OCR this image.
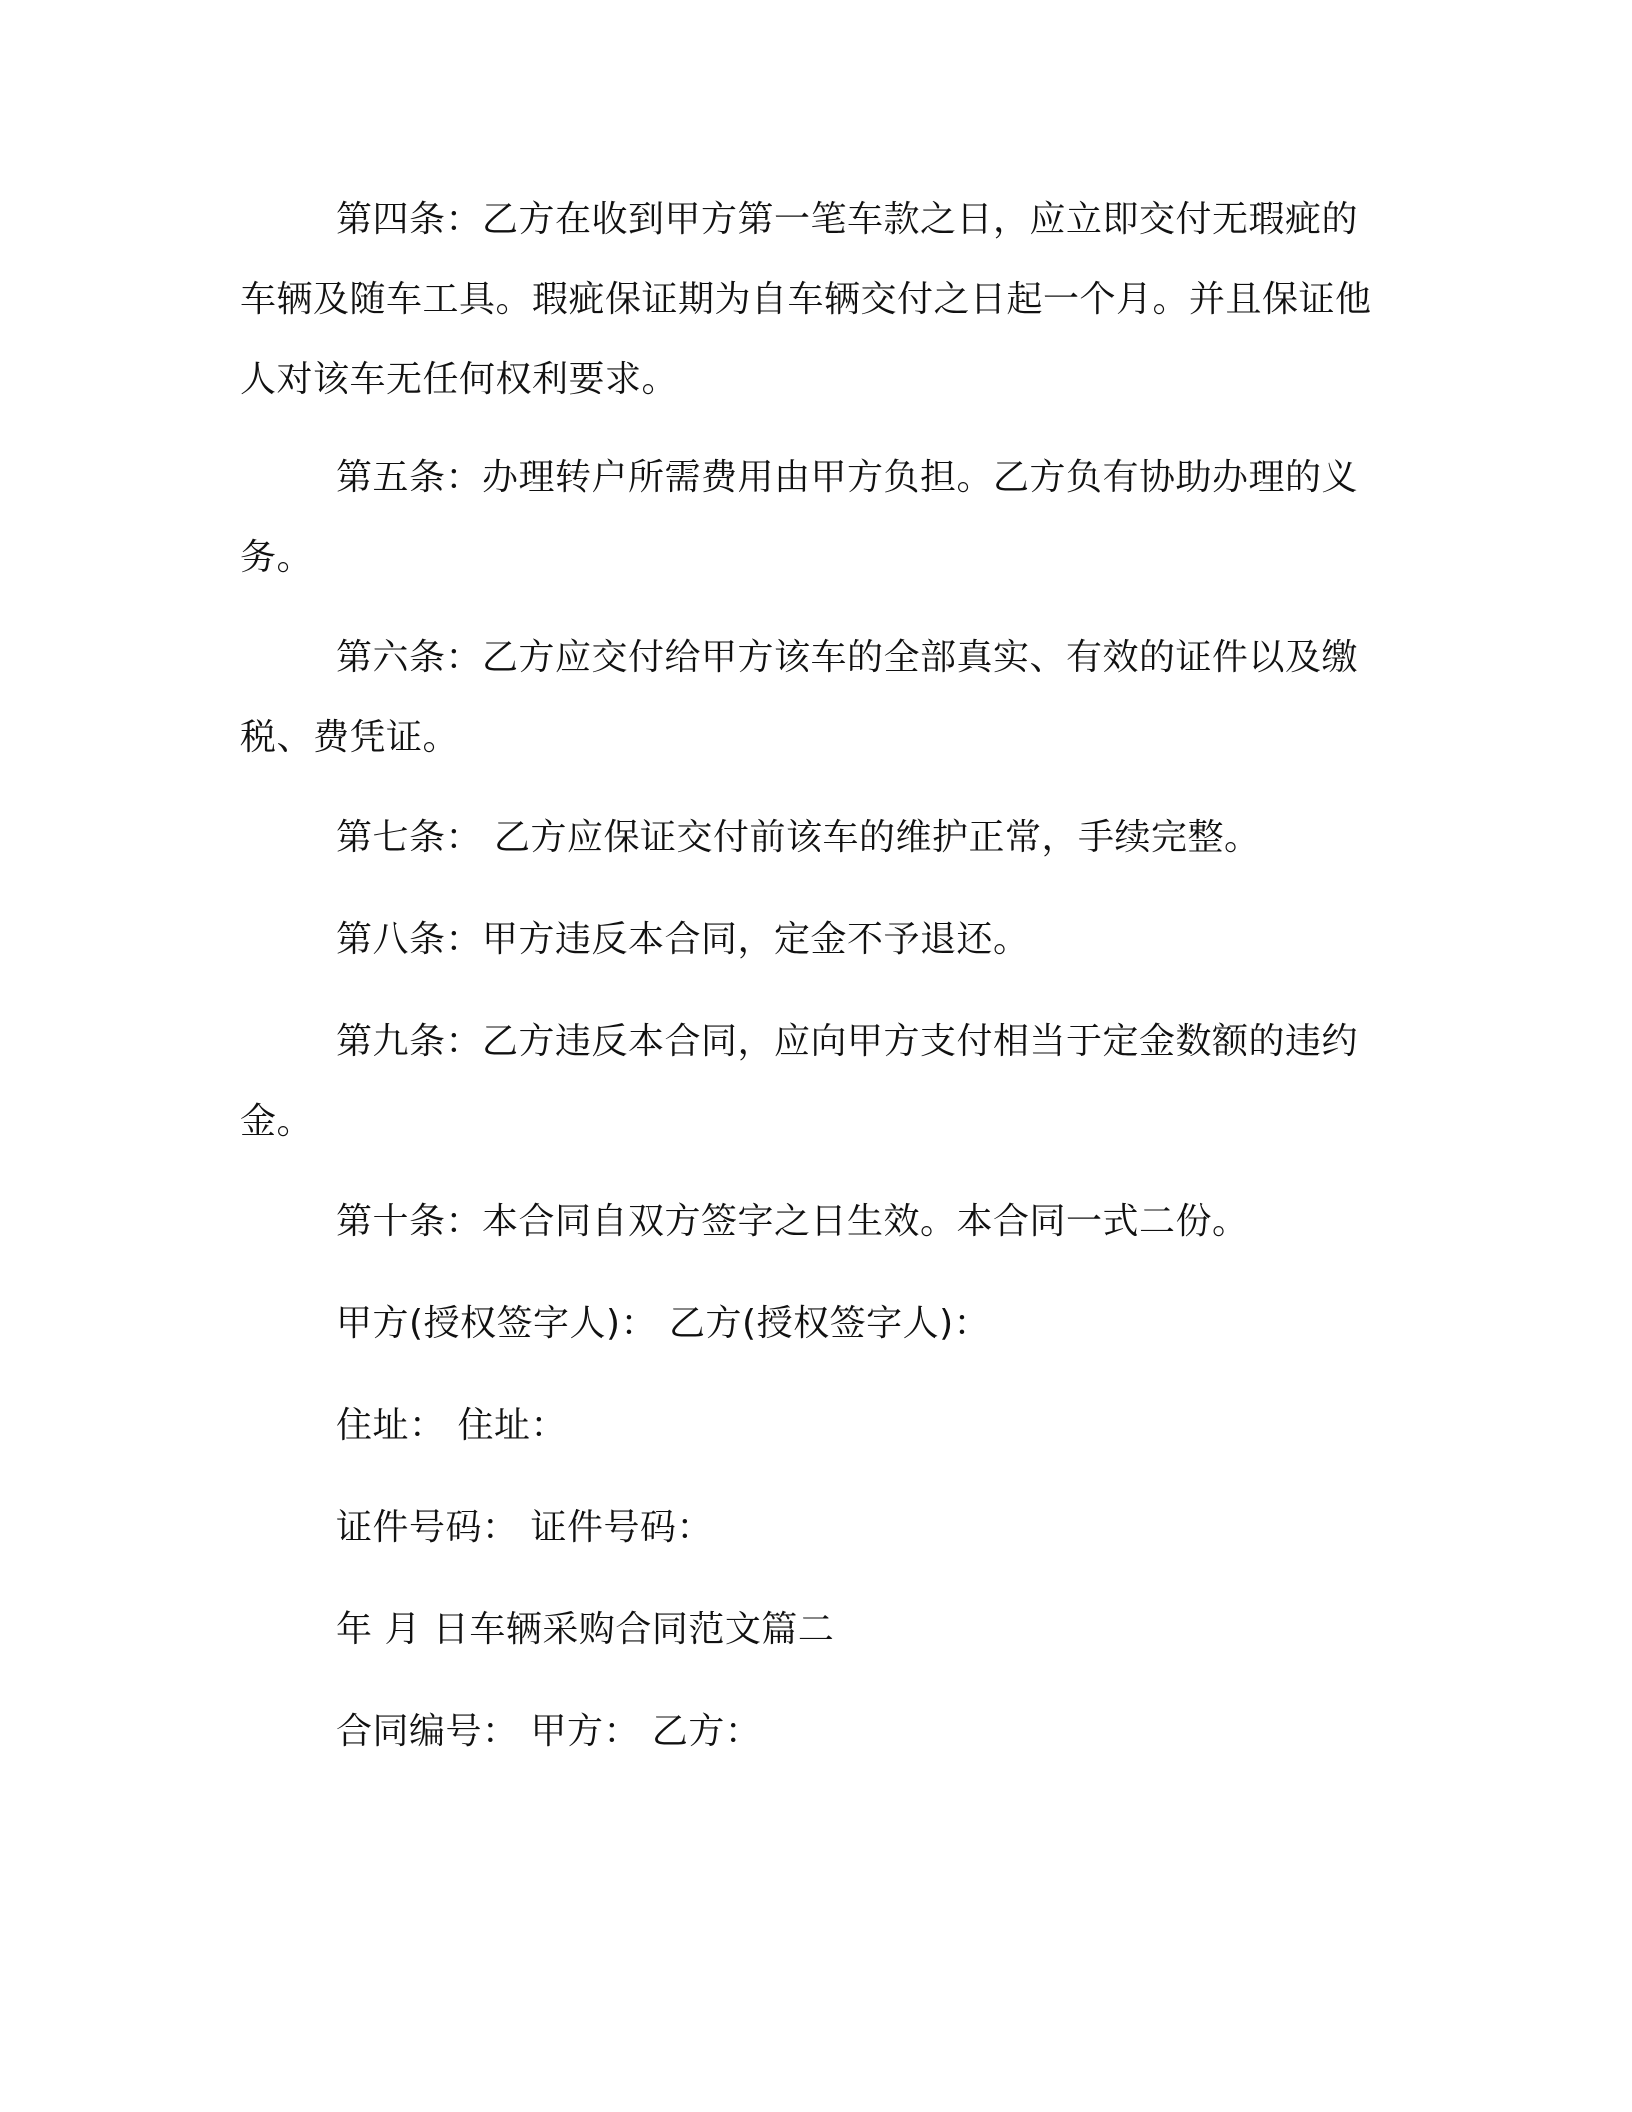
第四条：乙方在收到甲方第一笔车款之日，应立即交付无瑕疵的车辆及随车工具。瑕疵保证期为自车辆交付之日起一个月。并且保证他人对该车无任何权利要求。

第五条：办理转户所需费用由甲方负担。乙方负有协助办理的义务。

第六条：乙方应交付给甲方该车的全部真实、有效的证件以及缴税、费凭证。

第七条： 乙方应保证交付前该车的维护正常，手续完整。

第八条：甲方违反本合同，定金不予退还。

第九条：乙方违反本合同，应向甲方支付相当于定金数额的违约金。

第十条：本合同自双方签字之日生效。本合同一式二份。

甲方(授权签字人)： 乙方(授权签字人)：

住址： 住址：

证件号码： 证件号码：

年 月 日车辆采购合同范文篇二

合同编号： 甲方： 乙方：
